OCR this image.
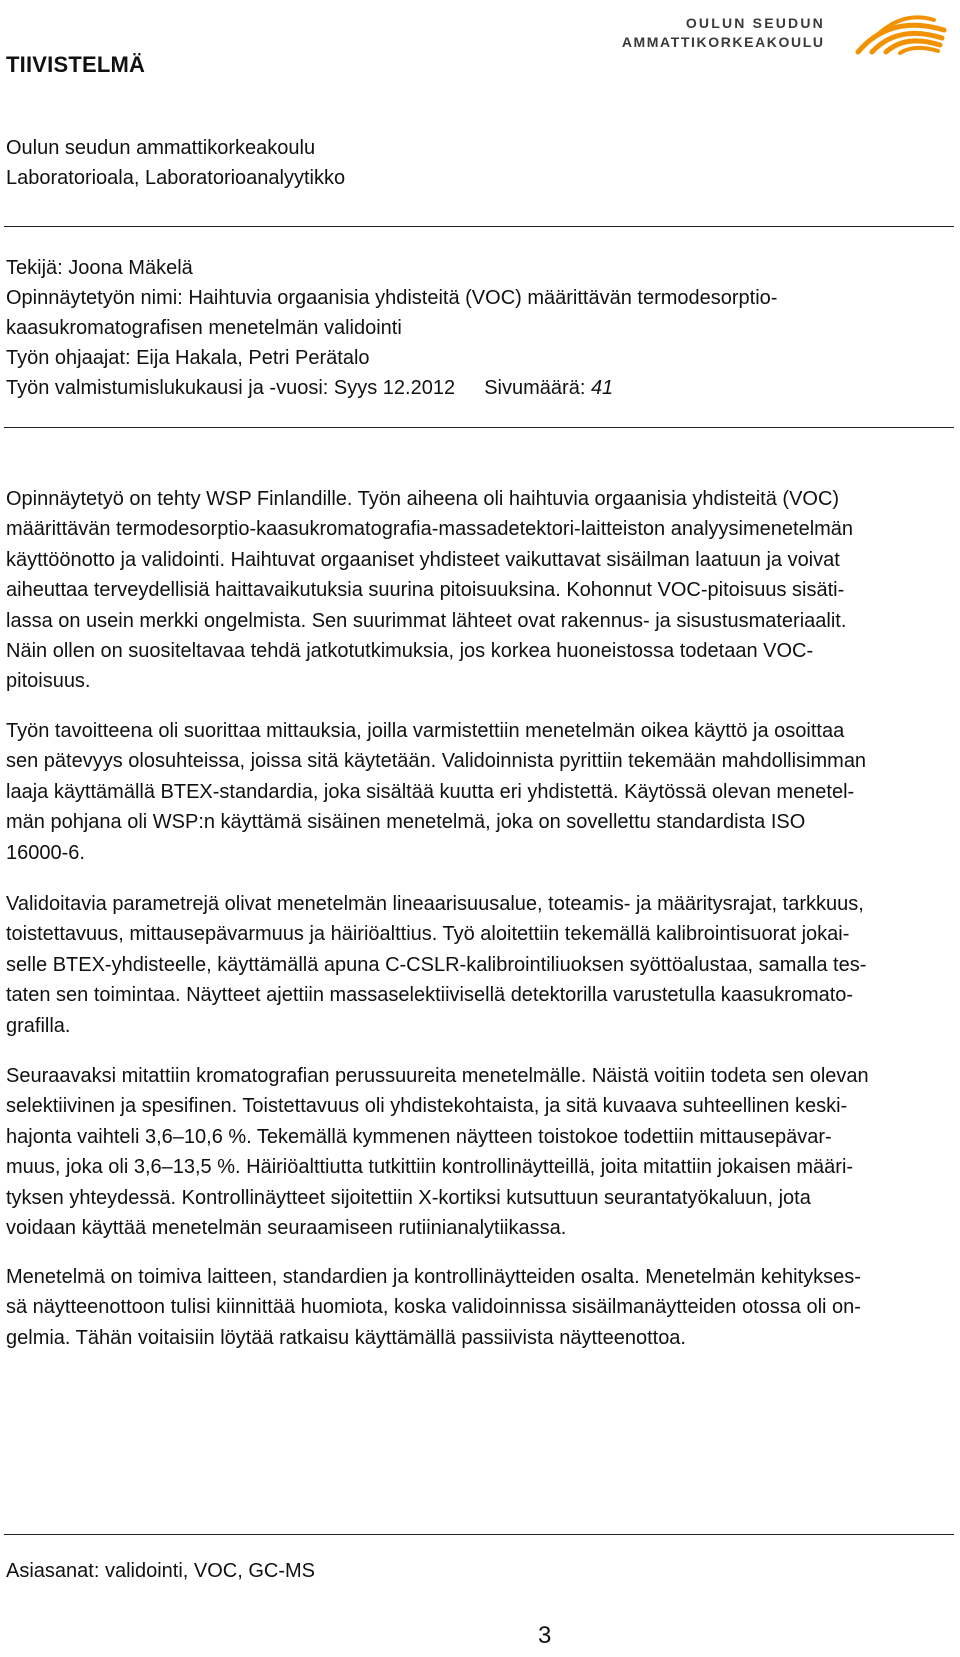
TIIVISTELMÄ
OULUN SEUDUN
AMMATTIKORKEAKOULU
Oulun seudun ammattikorkeakoulu
Laboratorioala, Laboratorioanalyytikko
Tekijä: Joona Mäkelä
Opinnäytetyön nimi: Haihtuvia orgaanisia yhdisteitä (VOC) määrittävän termodesorptio-
kaasukromatografisen menetelmän validointi
Työn ohjaajat: Eija Hakala, Petri Perätalo
Työn valmistumislukukausi ja -vuosi: Syys 12.2012 Sivumäärä: 41
Opinnäytetyö on tehty WSP Finlandille. Työn aiheena oli haihtuvia orgaanisia yhdisteitä (VOC)
määrittävän termodesorptio-kaasukromatografia-massadetektori-laitteiston analyysimenetelmän
käyttöönotto ja validointi. Haihtuvat orgaaniset yhdisteet vaikuttavat sisäilman laatuun ja voivat
aiheuttaa terveydellisiä haittavaikutuksia suurina pitoisuuksina. Kohonnut VOC-pitoisuus sisäti-
lassa on usein merkki ongelmista. Sen suurimmat lähteet ovat rakennus- ja sisustusmateriaalit.
Näin ollen on suositeltavaa tehdä jatkotutkimuksia, jos korkea huoneistossa todetaan VOC-
pitoisuus.
Työn tavoitteena oli suorittaa mittauksia, joilla varmistettiin menetelmän oikea käyttö ja osoittaa
sen pätevyys olosuhteissa, joissa sitä käytetään. Validoinnista pyrittiin tekemään mahdollisimman
laaja käyttämällä BTEX-standardia, joka sisältää kuutta eri yhdistettä. Käytössä olevan menetel-
män pohjana oli WSP:n käyttämä sisäinen menetelmä, joka on sovellettu standardista ISO
16000-6.
Validoitavia parametrejä olivat menetelmän lineaarisuusalue, toteamis- ja määritysrajat, tarkkuus,
toistettavuus, mittausepävarmuus ja häiriöalttius. Työ aloitettiin tekemällä kalibrointisuorat jokai-
selle BTEX-yhdisteelle, käyttämällä apuna C-CSLR-kalibrointiliuoksen syöttöalustaa, samalla tes-
taten sen toimintaa. Näytteet ajettiin massaselektiivisellä detektorilla varustetulla kaasukromato-
grafilla.
Seuraavaksi mitattiin kromatografian perussuureita menetelmälle. Näistä voitiin todeta sen olevan
selektiivinen ja spesifinen. Toistettavuus oli yhdistekohtaista, ja sitä kuvaava suhteellinen keski-
hajonta vaihteli 3,6–10,6 %. Tekemällä kymmenen näytteen toistokoe todettiin mittausepävar-
muus, joka oli 3,6–13,5 %. Häiriöalttiutta tutkittiin kontrollinäytteillä, joita mitattiin jokaisen määri-
tyksen yhteydessä. Kontrollinäytteet sijoitettiin X-kortiksi kutsuttuun seurantatyökaluun, jota
voidaan käyttää menetelmän seuraamiseen rutiinianalytiikassa.
Menetelmä on toimiva laitteen, standardien ja kontrollinäytteiden osalta. Menetelmän kehitykses-
sä näytteenottoon tulisi kiinnittää huomiota, koska validoinnissa sisäilmanäytteiden otossa oli on-
gelmia. Tähän voitaisiin löytää ratkaisu käyttämällä passiivista näytteenottoa.
Asiasanat: validointi, VOC, GC-MS
3
